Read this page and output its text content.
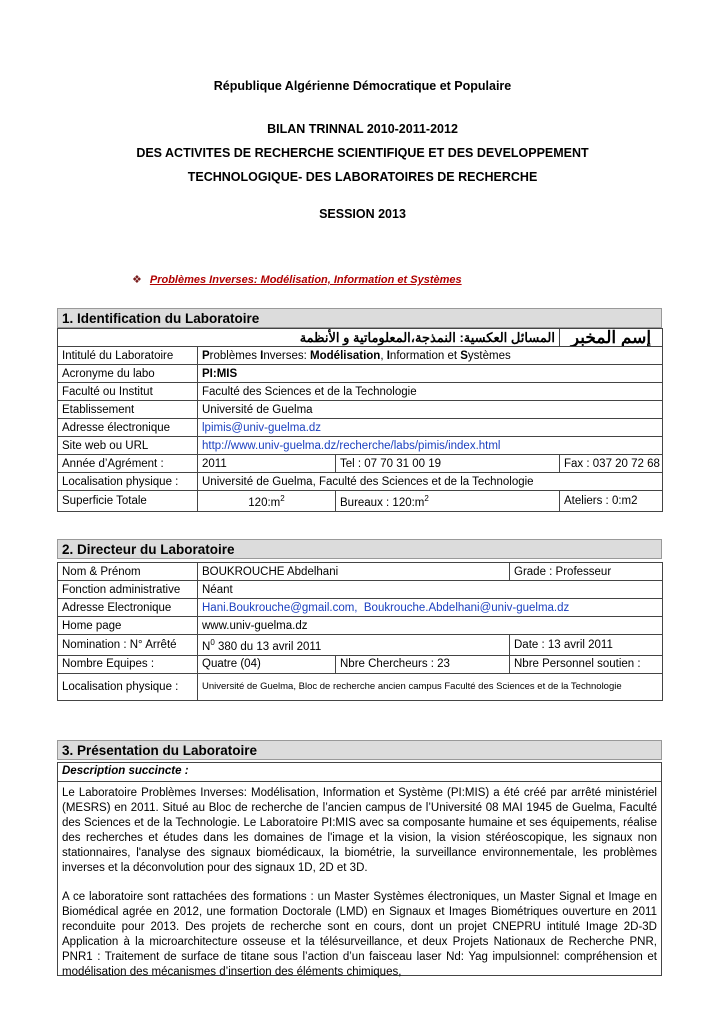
République Algérienne Démocratique et Populaire
BILAN TRINNAL 2010-2011-2012
DES ACTIVITES DE RECHERCHE SCIENTIFIQUE ET DES DEVELOPPEMENT
TECHNOLOGIQUE- DES LABORATOIRES DE RECHERCHE
SESSION 2013
❖ Problèmes Inverses: Modélisation, Information et Systèmes
1. Identification du Laboratoire
المسائل العكسية: النمذجة،المعلوماتية و الأنظمة			إسم المخبر
Intitulé du Laboratoire	Problèmes Inverses: Modélisation, Information et Systèmes		
Acronyme du labo	PI:MIS		
Faculté ou Institut	Faculté des Sciences et de la Technologie		
Etablissement	Université de Guelma		
Adresse électronique	lpimis@univ-guelma.dz		
Site web ou URL	http://www.univ-guelma.dz/recherche/labs/pimis/index.html		
Année d’Agrément :	2011	Tel : 07 70 31 00 19	Fax : 037 20 72 68
Localisation physique :	Université de Guelma, Faculté des Sciences et de la Technologie		
Superficie Totale	$120:m^2$	Bureaux : $120:m^2$	Ateliers : 0:m2
2. Directeur du Laboratoire
Nom & Prénom	BOUKROUCHE Abdelhani		Grade : Professeur
Fonction administrative	Néant		
Adresse Electronique	Hani.Boukrouche@gmail.com, Boukrouche.Abdelhani@univ-guelma.dz		
Home page	www.univ-guelma.dz		
Nomination : N° Arrêté	$N^0$ 380 du 13 avril 2011		Date : 13 avril 2011
Nombre Equipes :	Quatre (04)	Nbre Chercheurs : 23	Nbre Personnel soutien :
Localisation physique :	Université de Guelma, Bloc de recherche ancien campus Faculté des Sciences et de la Technologie		
3. Présentation du Laboratoire
Description succincte :

Le Laboratoire Problèmes Inverses: Modélisation, Information et Système (PI:MIS) a été créé par arrêté ministériel (MESRS) en 2011. Situé au Bloc de recherche de l’ancien campus de l’Université 08 MAI 1945 de Guelma, Faculté des Sciences et de la Technologie. Le Laboratoire PI:MIS avec sa composante humaine et ses équipements, réalise des recherches et études dans les domaines de l'image et la vision, la vision stéréoscopique, les signaux non stationnaires, l'analyse des signaux biomédicaux, la biométrie, la surveillance environnementale, les problèmes inverses et la déconvolution pour des signaux 1D, 2D et 3D.

A ce laboratoire sont rattachées des formations : un Master Systèmes électroniques, un Master Signal et Image en Biomédical agrée en 2012, une formation Doctorale (LMD) en Signaux et Images Biométriques ouverture en 2011 reconduite pour 2013. Des projets de recherche sont en cours, dont un projet CNEPRU intitulé Image 2D-3D Application à la microarchitecture osseuse et la télésurveillance, et deux Projets Nationaux de Recherche PNR, PNR1 : Traitement de surface de titane sous l’action d’un faisceau laser Nd: Yag impulsionnel: compréhension et modélisation des mécanismes d’insertion des éléments chimiques,
